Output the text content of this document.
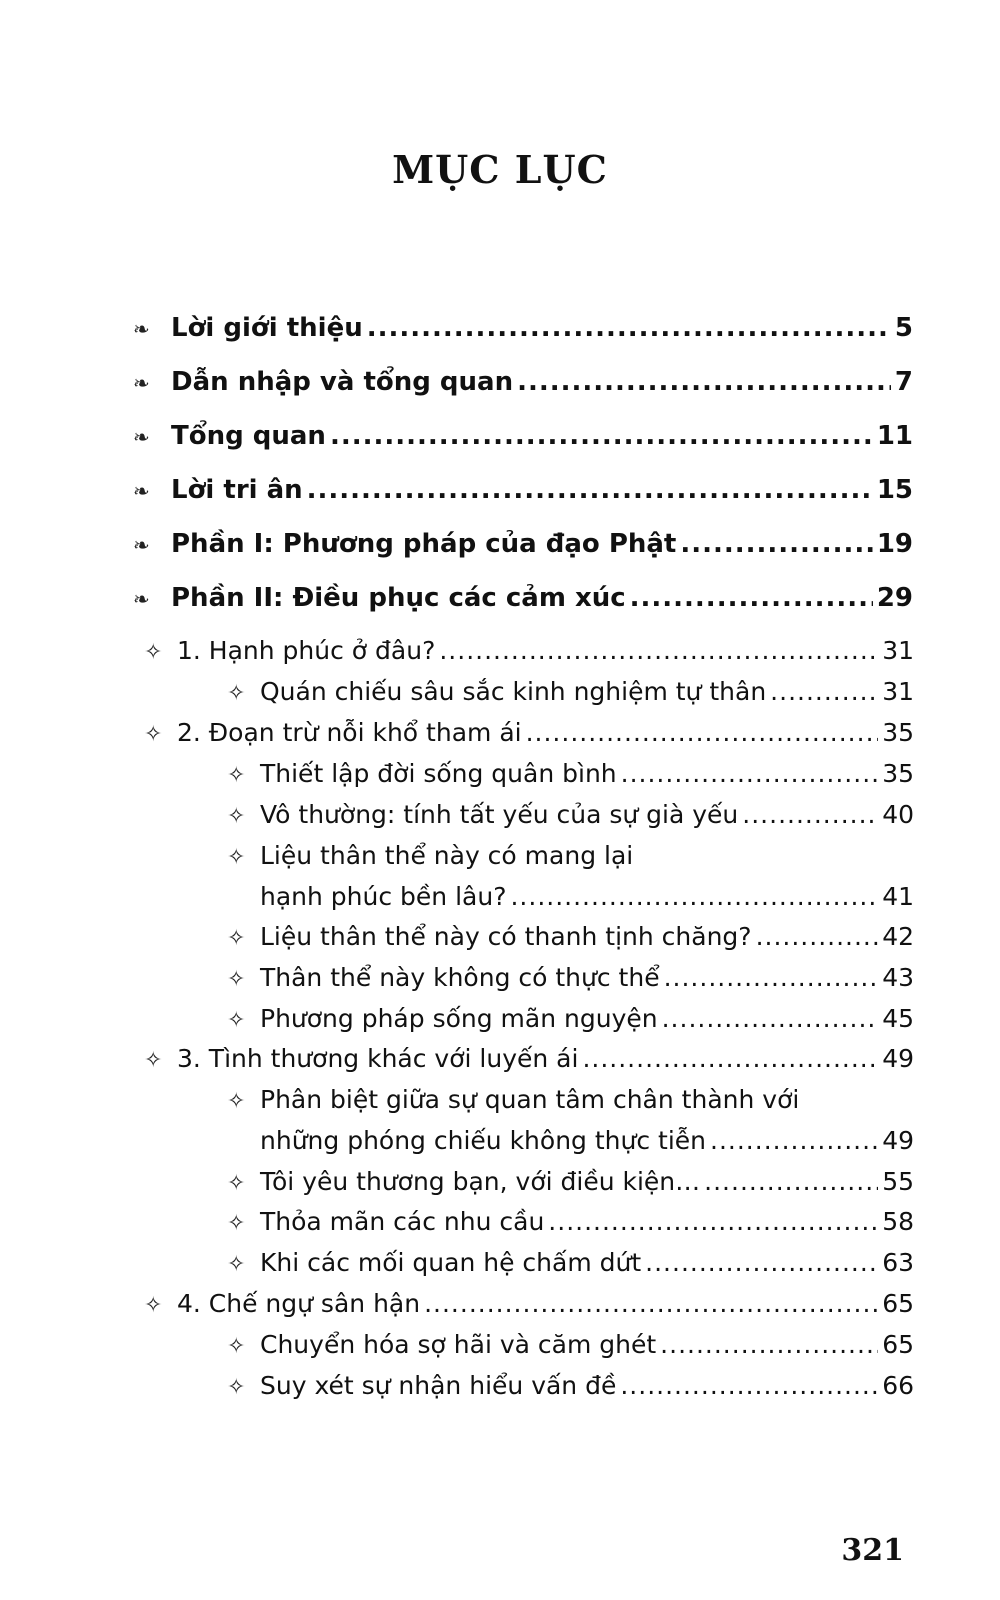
MỤC LỤC
❧ Lời giới thiệu .....	5
❧ Dẫn nhập và tổng quan .....	7
❧ Tổng quan .....	11
❧ Lời tri ân .....	15
❧ Phần I: Phương pháp của đạo Phật .....	19
❧ Phần II: Điều phục các cảm xúc .....	29
✧ 1. Hạnh phúc ở đâu? .....	31
✧ Quán chiếu sâu sắc kinh nghiệm tự thân .....	31
✧ 2. Đoạn trừ nỗi khổ tham ái .....	35
✧ Thiết lập đời sống quân bình .....	35
✧ Vô thường: tính tất yếu của sự già yếu .....	40
✧ Liệu thân thể này có mang lại
hạnh phúc bền lâu? .....	41
✧ Liệu thân thể này có thanh tịnh chăng? .....	42
✧ Thân thể này không có thực thể .....	43
✧ Phương pháp sống mãn nguyện .....	45
✧ 3. Tình thương khác với luyến ái .....	49
✧ Phân biệt giữa sự quan tâm chân thành với
những phóng chiếu không thực tiễn .....	49
✧ Tôi yêu thương bạn, với điều kiện… .....	55
✧ Thỏa mãn các nhu cầu .....	58
✧ Khi các mối quan hệ chấm dứt .....	63
✧ 4. Chế ngự sân hận .....	65
✧ Chuyển hóa sợ hãi và căm ghét .....	65
✧ Suy xét sự nhận hiểu vấn đề .....	66
321
